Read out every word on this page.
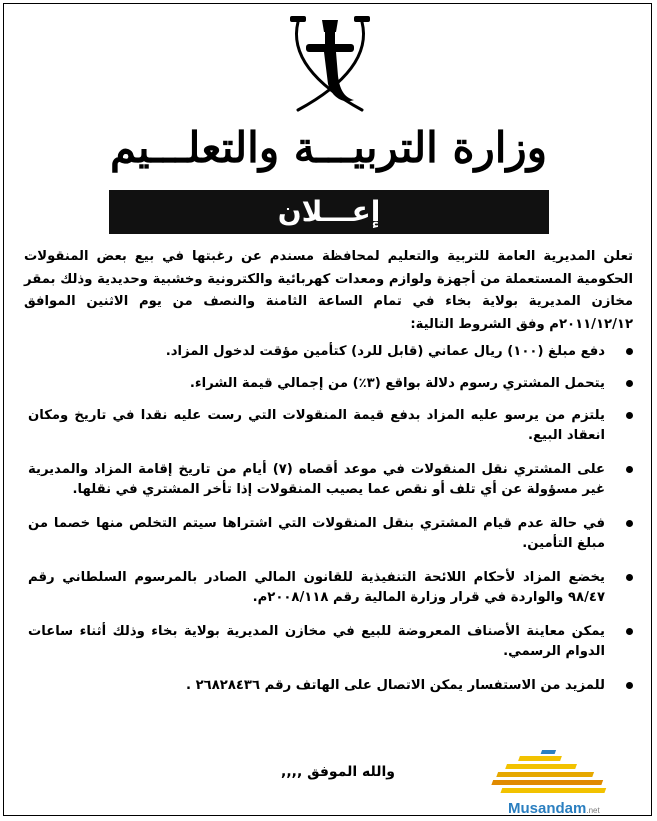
وزارة التربيـــة والتعلـــيم
إعـــلان

تعلن المديرية العامة للتربية والتعليم لمحافظة مسندم عن رغبتها في بيع بعض المنقولات الحكومية المستعملة من أجهزة ولوازم ومعدات كهربائية والكترونية وخشبية وحديدية وذلك بمقر مخازن المديرية بولاية بخاء في تمام الساعة الثامنة والنصف من يوم الاثنين الموافق ٢٠١١/١٢/١٢م وفق الشروط التالية:

دفع مبلغ (١٠٠) ريال عماني (قابل للرد) كتأمين مؤقت لدخول المزاد.
يتحمل المشتري رسوم دلالة بواقع (٣٪) من إجمالي قيمة الشراء.
يلتزم من يرسو عليه المزاد بدفع قيمة المنقولات التي رست عليه نقدا في تاريخ ومكان انعقاد البيع.
على المشتري نقل المنقولات في موعد أقصاه (٧) أيام من تاريخ إقامة المزاد والمديرية غير مسؤولة عن أي تلف أو نقص عما يصيب المنقولات إذا تأخر المشتري في نقلها.
في حالة عدم قيام المشتري بنقل المنقولات التي اشتراها سيتم التخلص منها خصما من مبلغ التأمين.
يخضع المزاد لأحكام اللائحة التنفيذية للقانون المالي الصادر بالمرسوم السلطاني رقم ٩٨/٤٧ والواردة في قرار وزارة المالية رقم ٢٠٠٨/١١٨م.
يمكن معاينة الأصناف المعروضة للبيع في مخازن المديرية بولاية بخاء وذلك أثناء ساعات الدوام الرسمي.
للمزيد من الاستفسار يمكن الاتصال على الهاتف رقم ٢٦٨٢٨٤٣٦ .
والله الموفق ,,,,
Musandam.net
